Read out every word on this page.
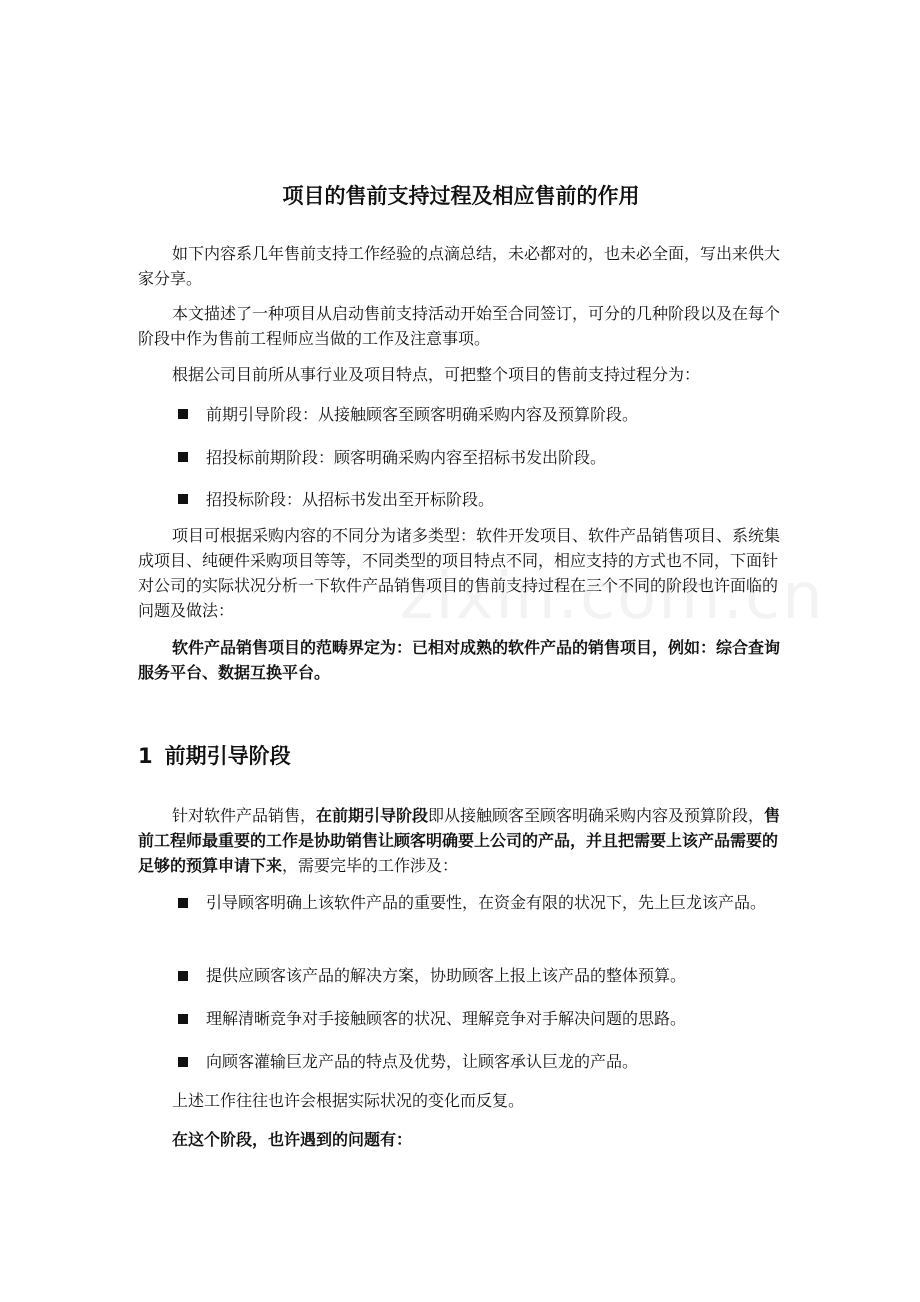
项目的售前支持过程及相应售前的作用

如下内容系几年售前支持工作经验的点滴总结，未必都对的，也未必全面，写出来供大家分享。

本文描述了一种项目从启动售前支持活动开始至合同签订，可分的几种阶段以及在每个阶段中作为售前工程师应当做的工作及注意事项。

根据公司目前所从事行业及项目特点，可把整个项目的售前支持过程分为：

前期引导阶段：从接触顾客至顾客明确采购内容及预算阶段。
招投标前期阶段：顾客明确采购内容至招标书发出阶段。
招投标阶段：从招标书发出至开标阶段。

项目可根据采购内容的不同分为诸多类型：软件开发项目、软件产品销售项目、系统集成项目、纯硬件采购项目等等，不同类型的项目特点不同，相应支持的方式也不同，下面针对公司的实际状况分析一下软件产品销售项目的售前支持过程在三个不同的阶段也许面临的问题及做法：

软件产品销售项目的范畴界定为：已相对成熟的软件产品的销售项目，例如：综合查询服务平台、数据互换平台。

1 前期引导阶段

针对软件产品销售，在前期引导阶段即从接触顾客至顾客明确采购内容及预算阶段，售前工程师最重要的工作是协助销售让顾客明确要上公司的产品，并且把需要上该产品需要的足够的预算申请下来，需要完毕的工作涉及：

引导顾客明确上该软件产品的重要性，在资金有限的状况下，先上巨龙该产品。
提供应顾客该产品的解决方案，协助顾客上报上该产品的整体预算。
理解清晰竞争对手接触顾客的状况、理解竞争对手解决问题的思路。
向顾客灌输巨龙产品的特点及优势，让顾客承认巨龙的产品。

上述工作往往也许会根据实际状况的变化而反复。

在这个阶段，也许遇到的问题有：
